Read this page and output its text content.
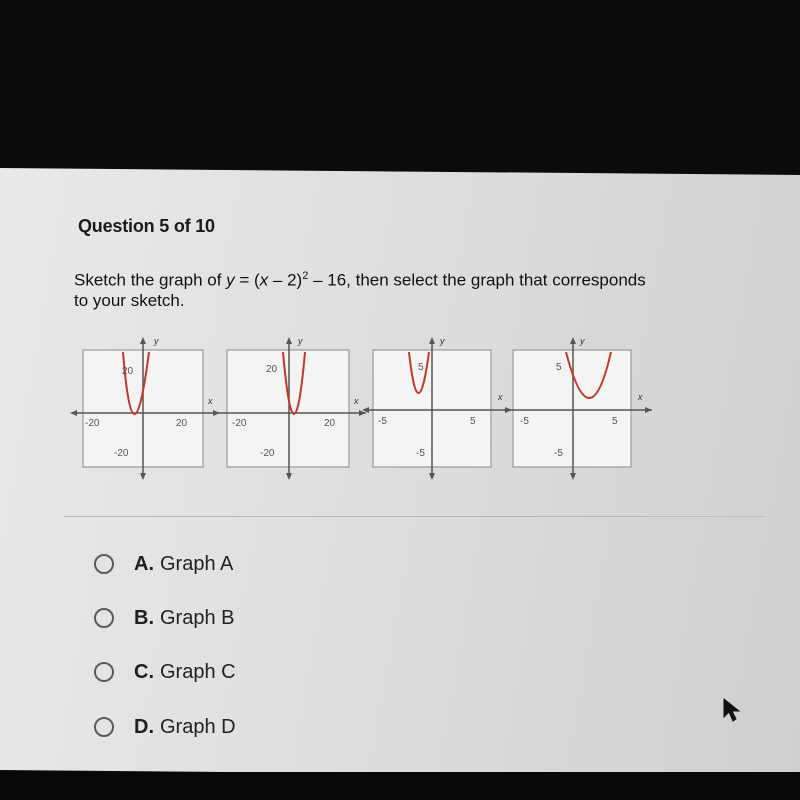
Question 5 of 10
Sketch the graph of y = (x – 2)$^2$ – 16, then select the graph that corresponds
to your sketch.
y
x
20
-20
-20	20
y
x
20
-20
-20	20
y
x
5
-5
-5	5
y
x
5
-5
-5	5
A. Graph A
B. Graph B
C. Graph C
D. Graph D
